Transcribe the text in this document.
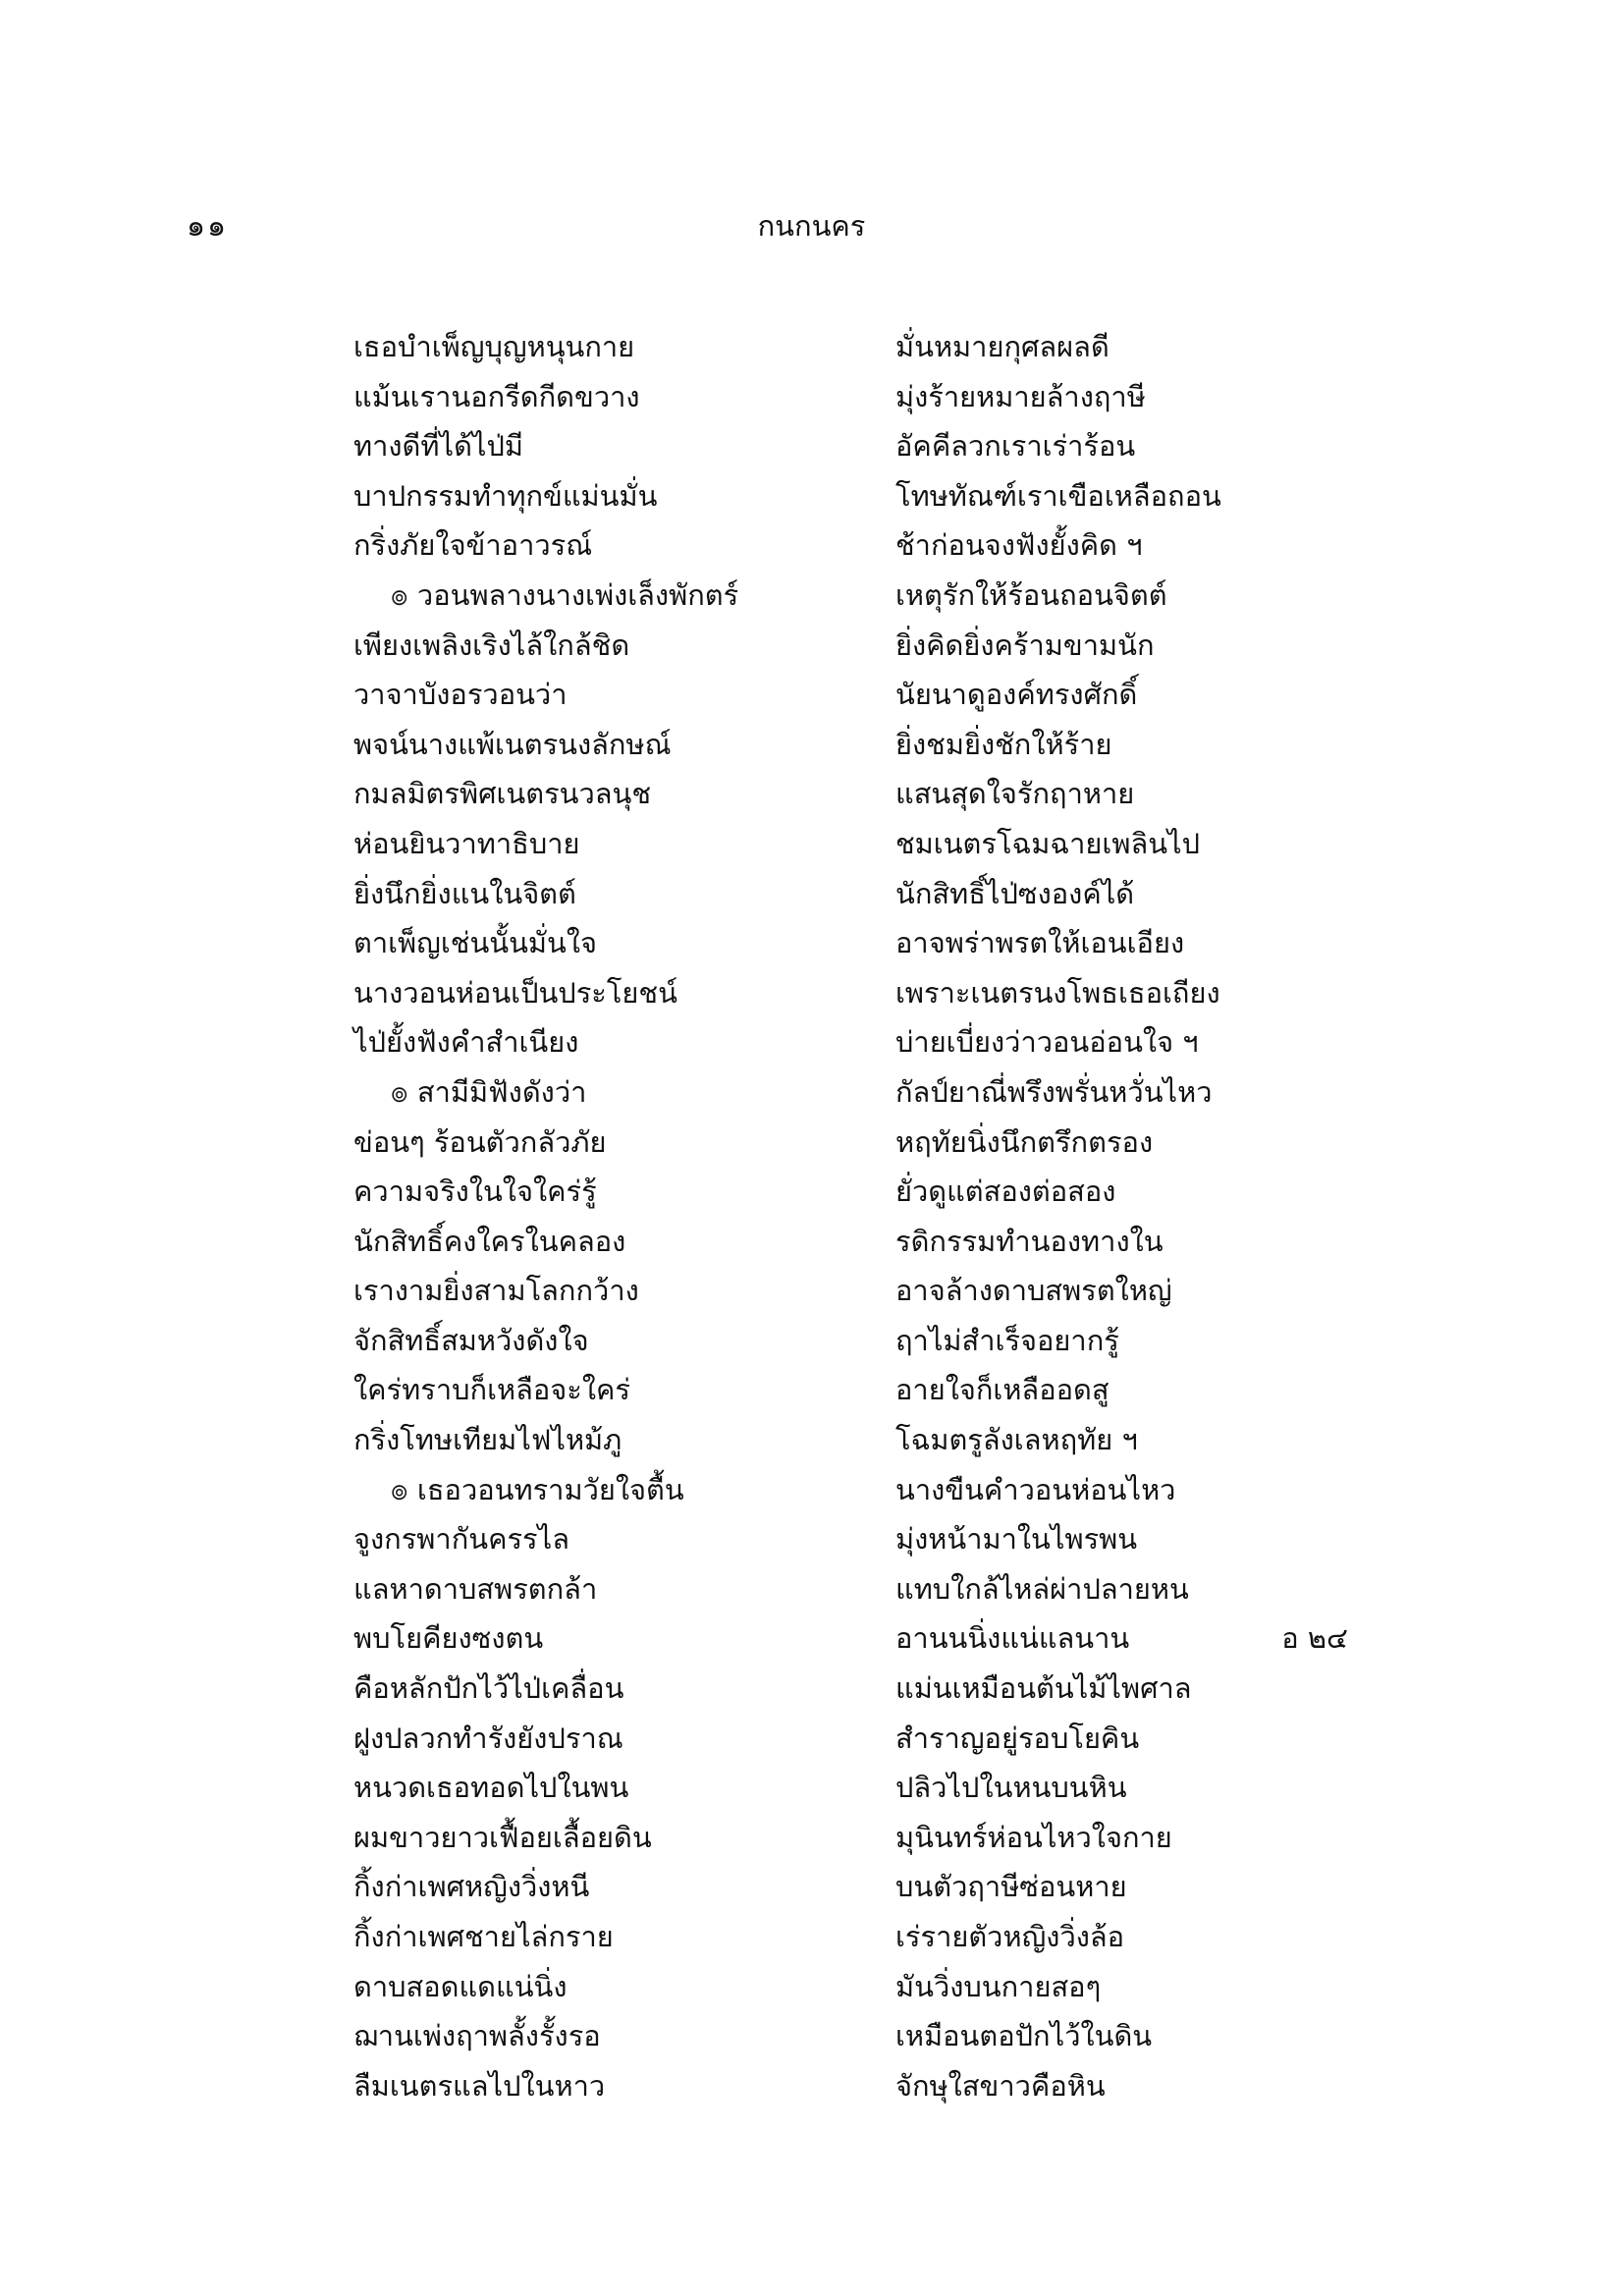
๑๑	กนกนคร
เธอบำเพ็ญบุญหนุนกาย	มั่นหมายกุศลผลดี
แม้นเรานอกรีดกีดขวาง	มุ่งร้ายหมายล้างฤาษี
ทางดีที่ได้ไป่มี	อัคคีลวกเราเร่าร้อน
บาปกรรมทำทุกข์แม่นมั่น	โทษทัณฑ์เราเขือเหลือถอน
กริ่งภัยใจข้าอาวรณ์	ช้าก่อนจงฟังยั้งคิด ฯ
๏ วอนพลางนางเพ่งเล็งพักตร์	เหตุรักให้ร้อนถอนจิตต์
เพียงเพลิงเริงไล้ใกล้ชิด	ยิ่งคิดยิ่งคร้ามขามนัก
วาจาบังอรวอนว่า	นัยนาดูองค์ทรงศักดิ์
พจน์นางแพ้เนตรนงลักษณ์	ยิ่งชมยิ่งชักให้ร้าย
กมลมิตรพิศเนตรนวลนุช	แสนสุดใจรักฤาหาย
ห่อนยินวาทาธิบาย	ชมเนตรโฉมฉายเพลินไป
ยิ่งนึกยิ่งแนในจิตต์	นักสิทธิ์ไป่ซงองค์ได้
ตาเพ็ญเช่นนั้นมั่นใจ	อาจพร่าพรตให้เอนเอียง
นางวอนห่อนเป็นประโยชน์	เพราะเนตรนงโพธเธอเถียง
ไป่ยั้งฟังคำสำเนียง	บ่ายเบี่ยงว่าวอนอ่อนใจ ฯ
๏ สามีมิฟังดังว่า	กัลป์ยาณี่พรึงพรั่นหวั่นไหว
ข่อนๆ ร้อนตัวกลัวภัย	หฤทัยนิ่งนึกตรึกตรอง
ความจริงในใจใคร่รู้	ยั่วดูแต่สองต่อสอง
นักสิทธิ์คงใครในคลอง	รดิกรรมทำนองทางใน
เรางามยิ่งสามโลกกว้าง	อาจล้างดาบสพรตใหญ่
จักสิทธิ์สมหวังดังใจ	ฤาไม่สำเร็จอยากรู้
ใคร่ทราบก็เหลือจะใคร่	อายใจก็เหลืออดสู
กริ่งโทษเทียมไฟไหม้ภู	โฉมตรูลังเลหฤทัย ฯ
๏ เธอวอนทรามวัยใจตื้น	นางขืนคำวอนห่อนไหว
จูงกรพากันครรไล	มุ่งหน้ามาในไพรพน
แลหาดาบสพรตกล้า	แทบใกล้ไหล่ผ่าปลายหน
พบโยคียงซงตน	อานนนิ่งแน่แลนาน	อ ๒๔
คือหลักปักไว้ไป่เคลื่อน	แม่นเหมือนต้นไม้ไพศาล
ฝูงปลวกทำรังยังปราณ	สำราญอยู่รอบโยคิน
หนวดเธอทอดไปในพน	ปลิวไปในหนบนหิน
ผมขาวยาวเฟื้อยเลื้อยดิน	มุนินทร์ห่อนไหวใจกาย
กิ้งก่าเพศหญิงวิ่งหนี	บนตัวฤาษีซ่อนหาย
กิ้งก่าเพศชายไล่กราย	เร่รายตัวหญิงวิ่งล้อ
ดาบสอดแดแน่นิ่ง	มันวิ่งบนกายสอๆ
ฌานเพ่งฤาพลั้งรั้งรอ	เหมือนตอปักไว้ในดิน
ลืมเนตรแลไปในหาว	จักษุใสขาวคือหิน
